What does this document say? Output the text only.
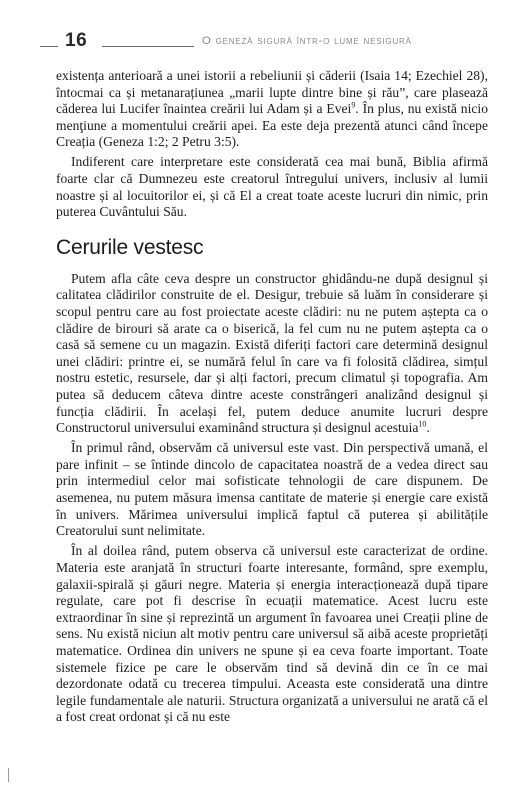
16	O geneză sigură într-o lume nesigură

existența anterioară a unei istorii a rebeliunii și căderii (Isaia 14; Ezechiel 28), întocmai ca și metanarațiunea „marii lupte dintre bine și rău”, care plasează căderea lui Lucifer înaintea creării lui Adam și a Evei$^9$. În plus, nu există nicio menţiune a momentului creării apei. Ea este deja prezentă atunci când începe Creația (Geneza 1:2; 2 Petru 3:5).

Indiferent care interpretare este considerată cea mai bună, Biblia afirmă foarte clar că Dumnezeu este creatorul întregului univers, inclusiv al lumii noastre și al locuitorilor ei, și că El a creat toate aceste lucruri din nimic, prin puterea Cuvântului Său.

Cerurile vestesc

Putem afla câte ceva despre un constructor ghidându-ne după designul și calitatea clădirilor construite de el. Desigur, trebuie să luăm în considerare și scopul pentru care au fost proiectate aceste clădiri: nu ne putem aștepta ca o clădire de birouri să arate ca o biserică, la fel cum nu ne putem aștepta ca o casă să semene cu un magazin. Există diferiți factori care determină designul unei clădiri: printre ei, se numără felul în care va fi folosită clădirea, simțul nostru estetic, resursele, dar și alți factori, precum climatul și topografia. Am putea să deducem câteva dintre aceste constrângeri analizând designul și funcția clădirii. În același fel, putem deduce anumite lucruri despre Constructorul universului examinând structura și designul acestuia$^{10}$.

În primul rând, observăm că universul este vast. Din perspectivă umană, el pare infinit – se întinde dincolo de capacitatea noastră de a vedea direct sau prin intermediul celor mai sofisticate tehnologii de care dispunem. De asemenea, nu putem măsura imensa cantitate de materie și energie care există în univers. Mărimea universului implică faptul că puterea și abilitățile Creatorului sunt nelimitate.

În al doilea rând, putem observa că universul este caracterizat de ordine. Materia este aranjată în structuri foarte interesante, formând, spre exemplu, galaxii-spirală și găuri negre. Materia și energia interacționează după tipare regulate, care pot fi descrise în ecuații matematice. Acest lucru este extraordinar în sine și reprezintă un argument în favoarea unei Creații pline de sens. Nu există niciun alt motiv pentru care universul să aibă aceste proprietăți matematice. Ordinea din univers ne spune și ea ceva foarte important. Toate sistemele fizice pe care le observăm tind să devină din ce în ce mai dezordonate odată cu trecerea timpului. Aceasta este considerată una dintre legile fundamentale ale naturii. Structura organizată a universului ne arată că el a fost creat ordonat și că nu este
